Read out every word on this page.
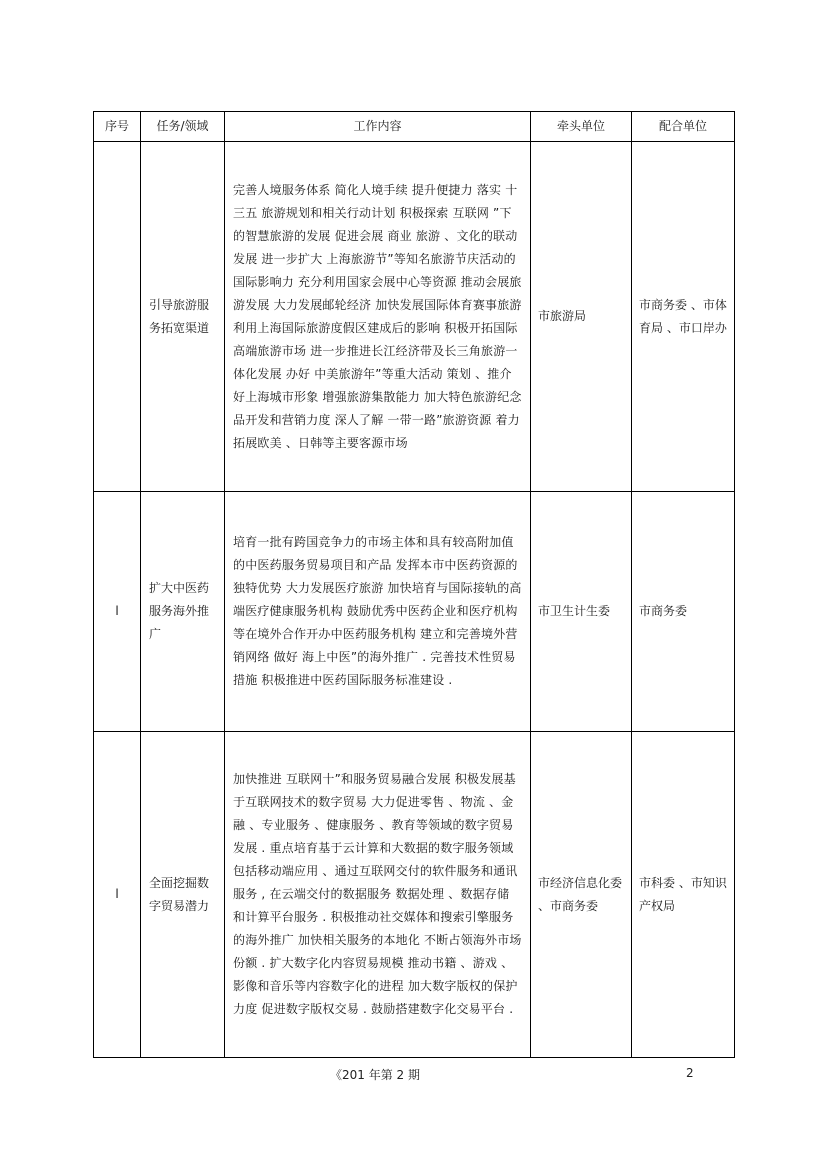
序号	任务/领域	工作内容	牵头单位	配合单位
	引导旅游服务拓宽渠道	完善人境服务体系 简化人境手续 提升便捷力 落实 十三五 旅游规划和相关行动计划 积极探索 互联网 ”下的智慧旅游的发展 促进会展 商业 旅游 、文化的联动发展 进一步扩大 上海旅游节”等知名旅游节庆活动的国际影响力 充分利用国家会展中心等资源 推动会展旅游发展 大力发展邮轮经济 加快发展国际体育赛事旅游 利用上海国际旅游度假区建成后的影响 积极开拓国际高端旅游市场 进一步推进长江经济带及长三角旅游一体化发展 办好 中美旅游年”等重大活动 策划 、推介好上海城市形象 增强旅游集散能力 加大特色旅游纪念品开发和营销力度 深人了解 一带一路”旅游资源 着力拓展欧美 、日韩等主要客源市场	市旅游局	市商务委 、市体育局 、市口岸办
l	扩大中医药服务海外推广	培育一批有跨国竞争力的市场主体和具有较高附加值的中医药服务贸易项目和产品 发挥本市中医药资源的独特优势 大力发展医疗旅游 加快培育与国际接轨的高端医疗健康服务机构 鼓励优秀中医药企业和医疗机构等在境外合作开办中医药服务机构 建立和完善境外营销网络 做好 海上中医”的海外推广 . 完善技术性贸易措施 积极推进中医药国际服务标准建设 .	市卫生计生委	市商务委
l	全面挖掘数字贸易潜力	加快推进 互联网十”和服务贸易融合发展 积极发展基于互联网技术的数字贸易 大力促进零售 、物流 、金融 、专业服务 、健康服务 、教育等领域的数字贸易发展 . 重点培育基于云计算和大数据的数字服务领域 包括移动端应用 、通过互联网交付的软件服务和通讯服务 , 在云端交付的数据服务 数据处理 、数据存储 和计算平台服务 . 积极推动社交媒体和搜索引擎服务的海外推广 加快相关服务的本地化 不断占领海外市场份额 . 扩大数字化内容贸易规模 推动书籍 、游戏 、影像和音乐等内容数字化的进程 加大数字版权的保护力度 促进数字版权交易 . 鼓励搭建数字化交易平台 .	市经济信息化委 、市商务委	市科委 、市知识产权局
《201 年第 2 期	2
